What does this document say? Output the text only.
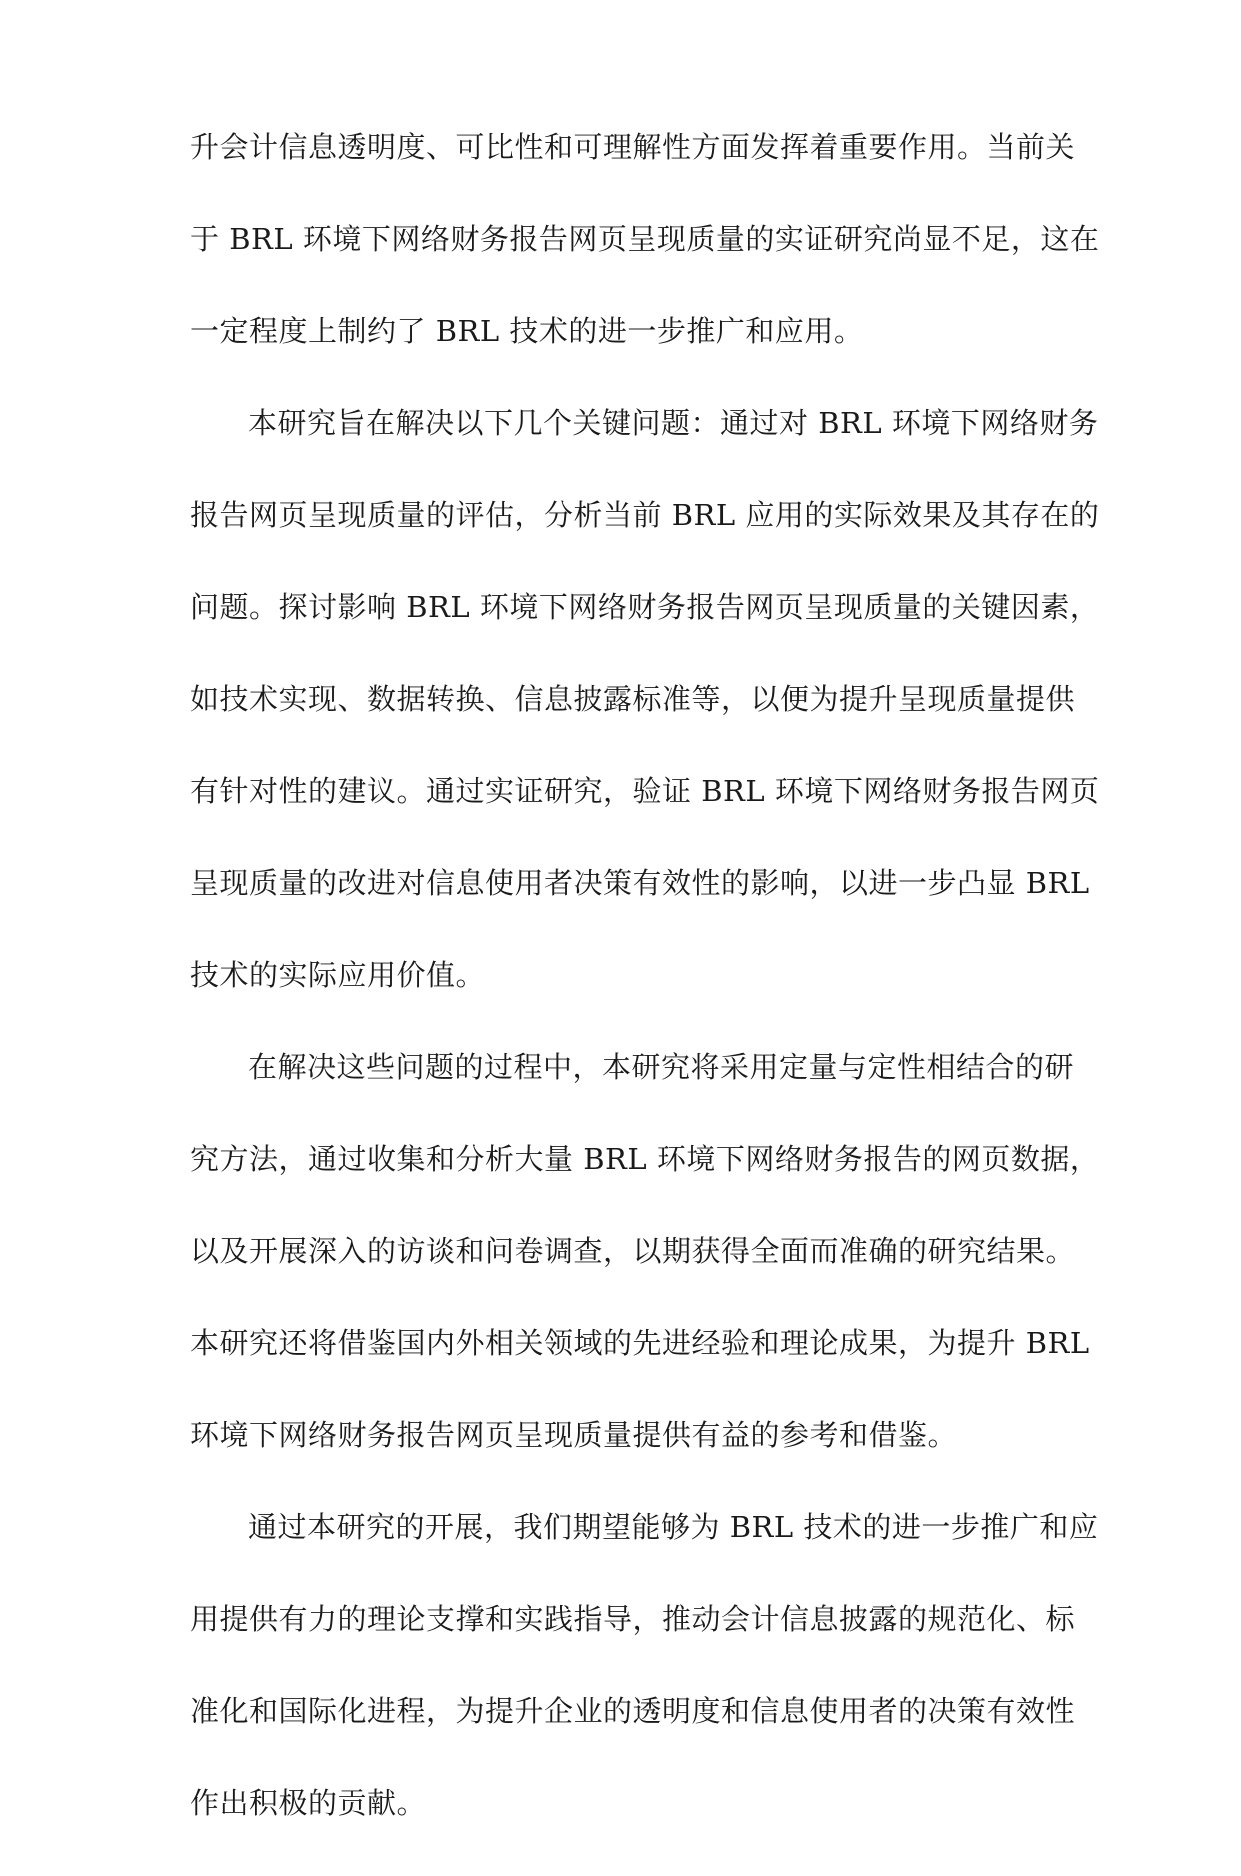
升会计信息透明度、可比性和可理解性方面发挥着重要作用。当前关
于 BRL 环境下网络财务报告网页呈现质量的实证研究尚显不足，这在
一定程度上制约了 BRL 技术的进一步推广和应用。
本研究旨在解决以下几个关键问题：通过对 BRL 环境下网络财务
报告网页呈现质量的评估，分析当前 BRL 应用的实际效果及其存在的
问题。探讨影响 BRL 环境下网络财务报告网页呈现质量的关键因素，
如技术实现、数据转换、信息披露标准等，以便为提升呈现质量提供
有针对性的建议。通过实证研究，验证 BRL 环境下网络财务报告网页
呈现质量的改进对信息使用者决策有效性的影响，以进一步凸显 BRL
技术的实际应用价值。
在解决这些问题的过程中，本研究将采用定量与定性相结合的研
究方法，通过收集和分析大量 BRL 环境下网络财务报告的网页数据，
以及开展深入的访谈和问卷调查，以期获得全面而准确的研究结果。
本研究还将借鉴国内外相关领域的先进经验和理论成果，为提升 BRL
环境下网络财务报告网页呈现质量提供有益的参考和借鉴。
通过本研究的开展，我们期望能够为 BRL 技术的进一步推广和应
用提供有力的理论支撑和实践指导，推动会计信息披露的规范化、标
准化和国际化进程，为提升企业的透明度和信息使用者的决策有效性
作出积极的贡献。
